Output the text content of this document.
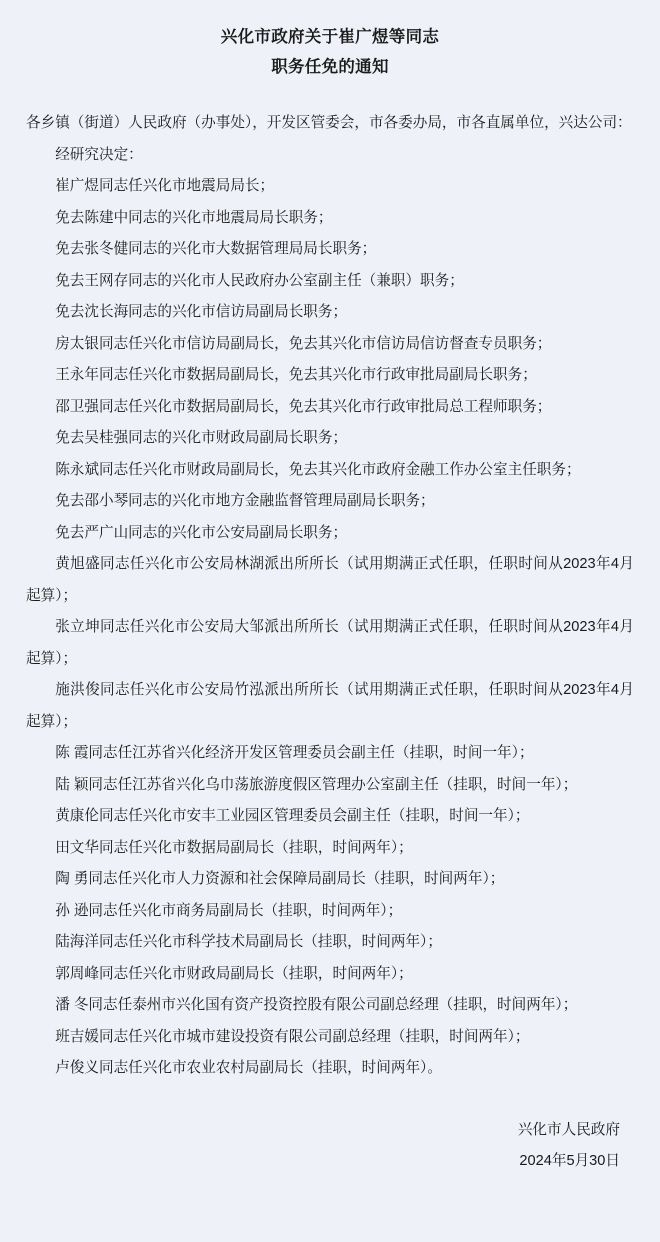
兴化市政府关于崔广煜等同志
职务任免的通知

各乡镇（街道）人民政府（办事处），开发区管委会，市各委办局，市各直属单位，兴达公司：

经研究决定：

崔广煜同志任兴化市地震局局长；

免去陈建中同志的兴化市地震局局长职务；

免去张冬健同志的兴化市大数据管理局局长职务；

免去王网存同志的兴化市人民政府办公室副主任（兼职）职务；

免去沈长海同志的兴化市信访局副局长职务；

房太银同志任兴化市信访局副局长，免去其兴化市信访局信访督查专员职务；

王永年同志任兴化市数据局副局长，免去其兴化市行政审批局副局长职务；

邵卫强同志任兴化市数据局副局长，免去其兴化市行政审批局总工程师职务；

免去吴桂强同志的兴化市财政局副局长职务；

陈永斌同志任兴化市财政局副局长，免去其兴化市政府金融工作办公室主任职务；

免去邵小琴同志的兴化市地方金融监督管理局副局长职务；

免去严广山同志的兴化市公安局副局长职务；

黄旭盛同志任兴化市公安局林湖派出所所长（试用期满正式任职，任职时间从2023年4月起算）；

张立坤同志任兴化市公安局大邹派出所所长（试用期满正式任职，任职时间从2023年4月起算）；

施洪俊同志任兴化市公安局竹泓派出所所长（试用期满正式任职，任职时间从2023年4月起算）；

陈 霞同志任江苏省兴化经济开发区管理委员会副主任（挂职，时间一年）；

陆 颖同志任江苏省兴化乌巾荡旅游度假区管理办公室副主任（挂职，时间一年）；

黄康伦同志任兴化市安丰工业园区管理委员会副主任（挂职，时间一年）；

田文华同志任兴化市数据局副局长（挂职，时间两年）；

陶 勇同志任兴化市人力资源和社会保障局副局长（挂职，时间两年）；

孙 逊同志任兴化市商务局副局长（挂职，时间两年）；

陆海洋同志任兴化市科学技术局副局长（挂职，时间两年）；

郭周峰同志任兴化市财政局副局长（挂职，时间两年）；

潘 冬同志任泰州市兴化国有资产投资控股有限公司副总经理（挂职，时间两年）；

班吉媛同志任兴化市城市建设投资有限公司副总经理（挂职，时间两年）；

卢俊义同志任兴化市农业农村局副局长（挂职，时间两年）。

兴化市人民政府
2024年5月30日
